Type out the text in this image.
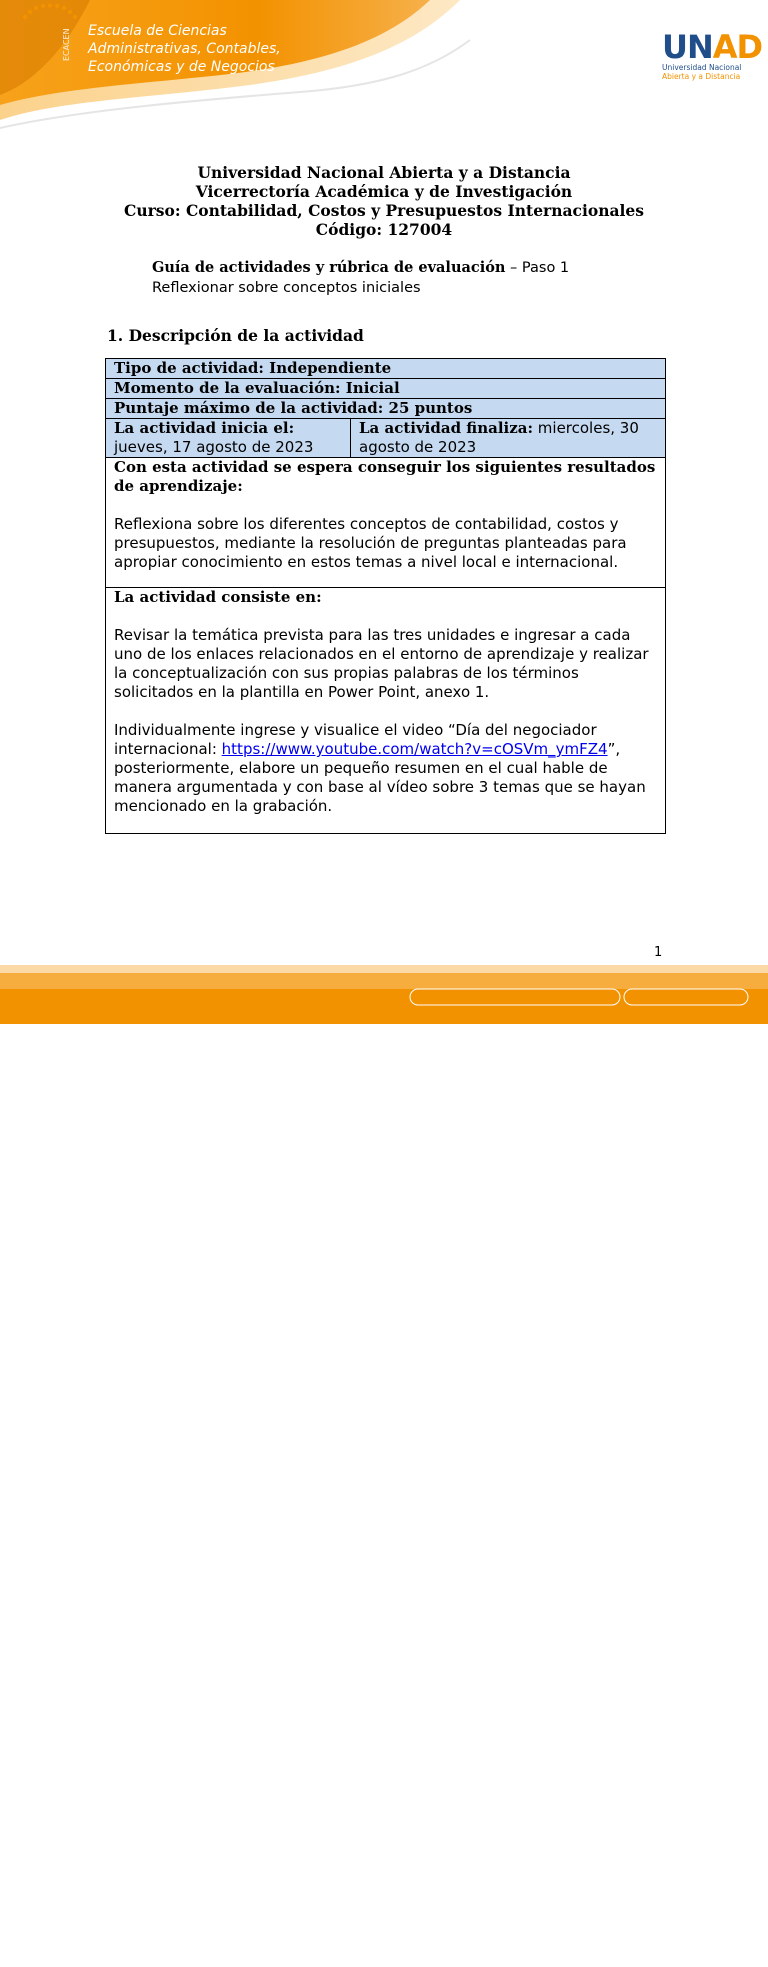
ECACEN	Escuela de Ciencias
Administrativas, Contables,
Económicas y de Negocios
UNAD
Universidad Nacional
Abierta y a Distancia
Universidad Nacional Abierta y a Distancia
Vicerrectoría Académica y de Investigación
Curso: Contabilidad, Costos y Presupuestos Internacionales
Código: 127004
Guía de actividades y rúbrica de evaluación – Paso 1
Reflexionar sobre conceptos iniciales
1. Descripción de la actividad
Tipo de actividad: Independiente
Momento de la evaluación: Inicial
Puntaje máximo de la actividad: 25 puntos
La actividad inicia el: jueves, 17 agosto de 2023	La actividad finaliza: miercoles, 30 agosto de 2023

Con esta actividad se espera conseguir los siguientes resultados de aprendizaje:
Reflexiona sobre los diferentes conceptos de contabilidad, costos y presupuestos, mediante la resolución de preguntas planteadas para apropiar conocimiento en estos temas a nivel local e internacional.

La actividad consiste en:
Revisar la temática prevista para las tres unidades e ingresar a cada uno de los enlaces relacionados en el entorno de aprendizaje y realizar la conceptualización con sus propias palabras de los términos solicitados en la plantilla en Power Point, anexo 1.
Individualmente ingrese y visualice el video “Día del negociador internacional: https://www.youtube.com/watch?v=cOSVm_ymFZ4”, posteriormente, elabore un pequeño resumen en el cual hable de manera argumentada y con base al vídeo sobre 3 temas que se hayan mencionado en la grabación.
1
Prohibida su reproducción y copia sin autorización de la UNAD. UNAD © 2020 derechos reservados.
